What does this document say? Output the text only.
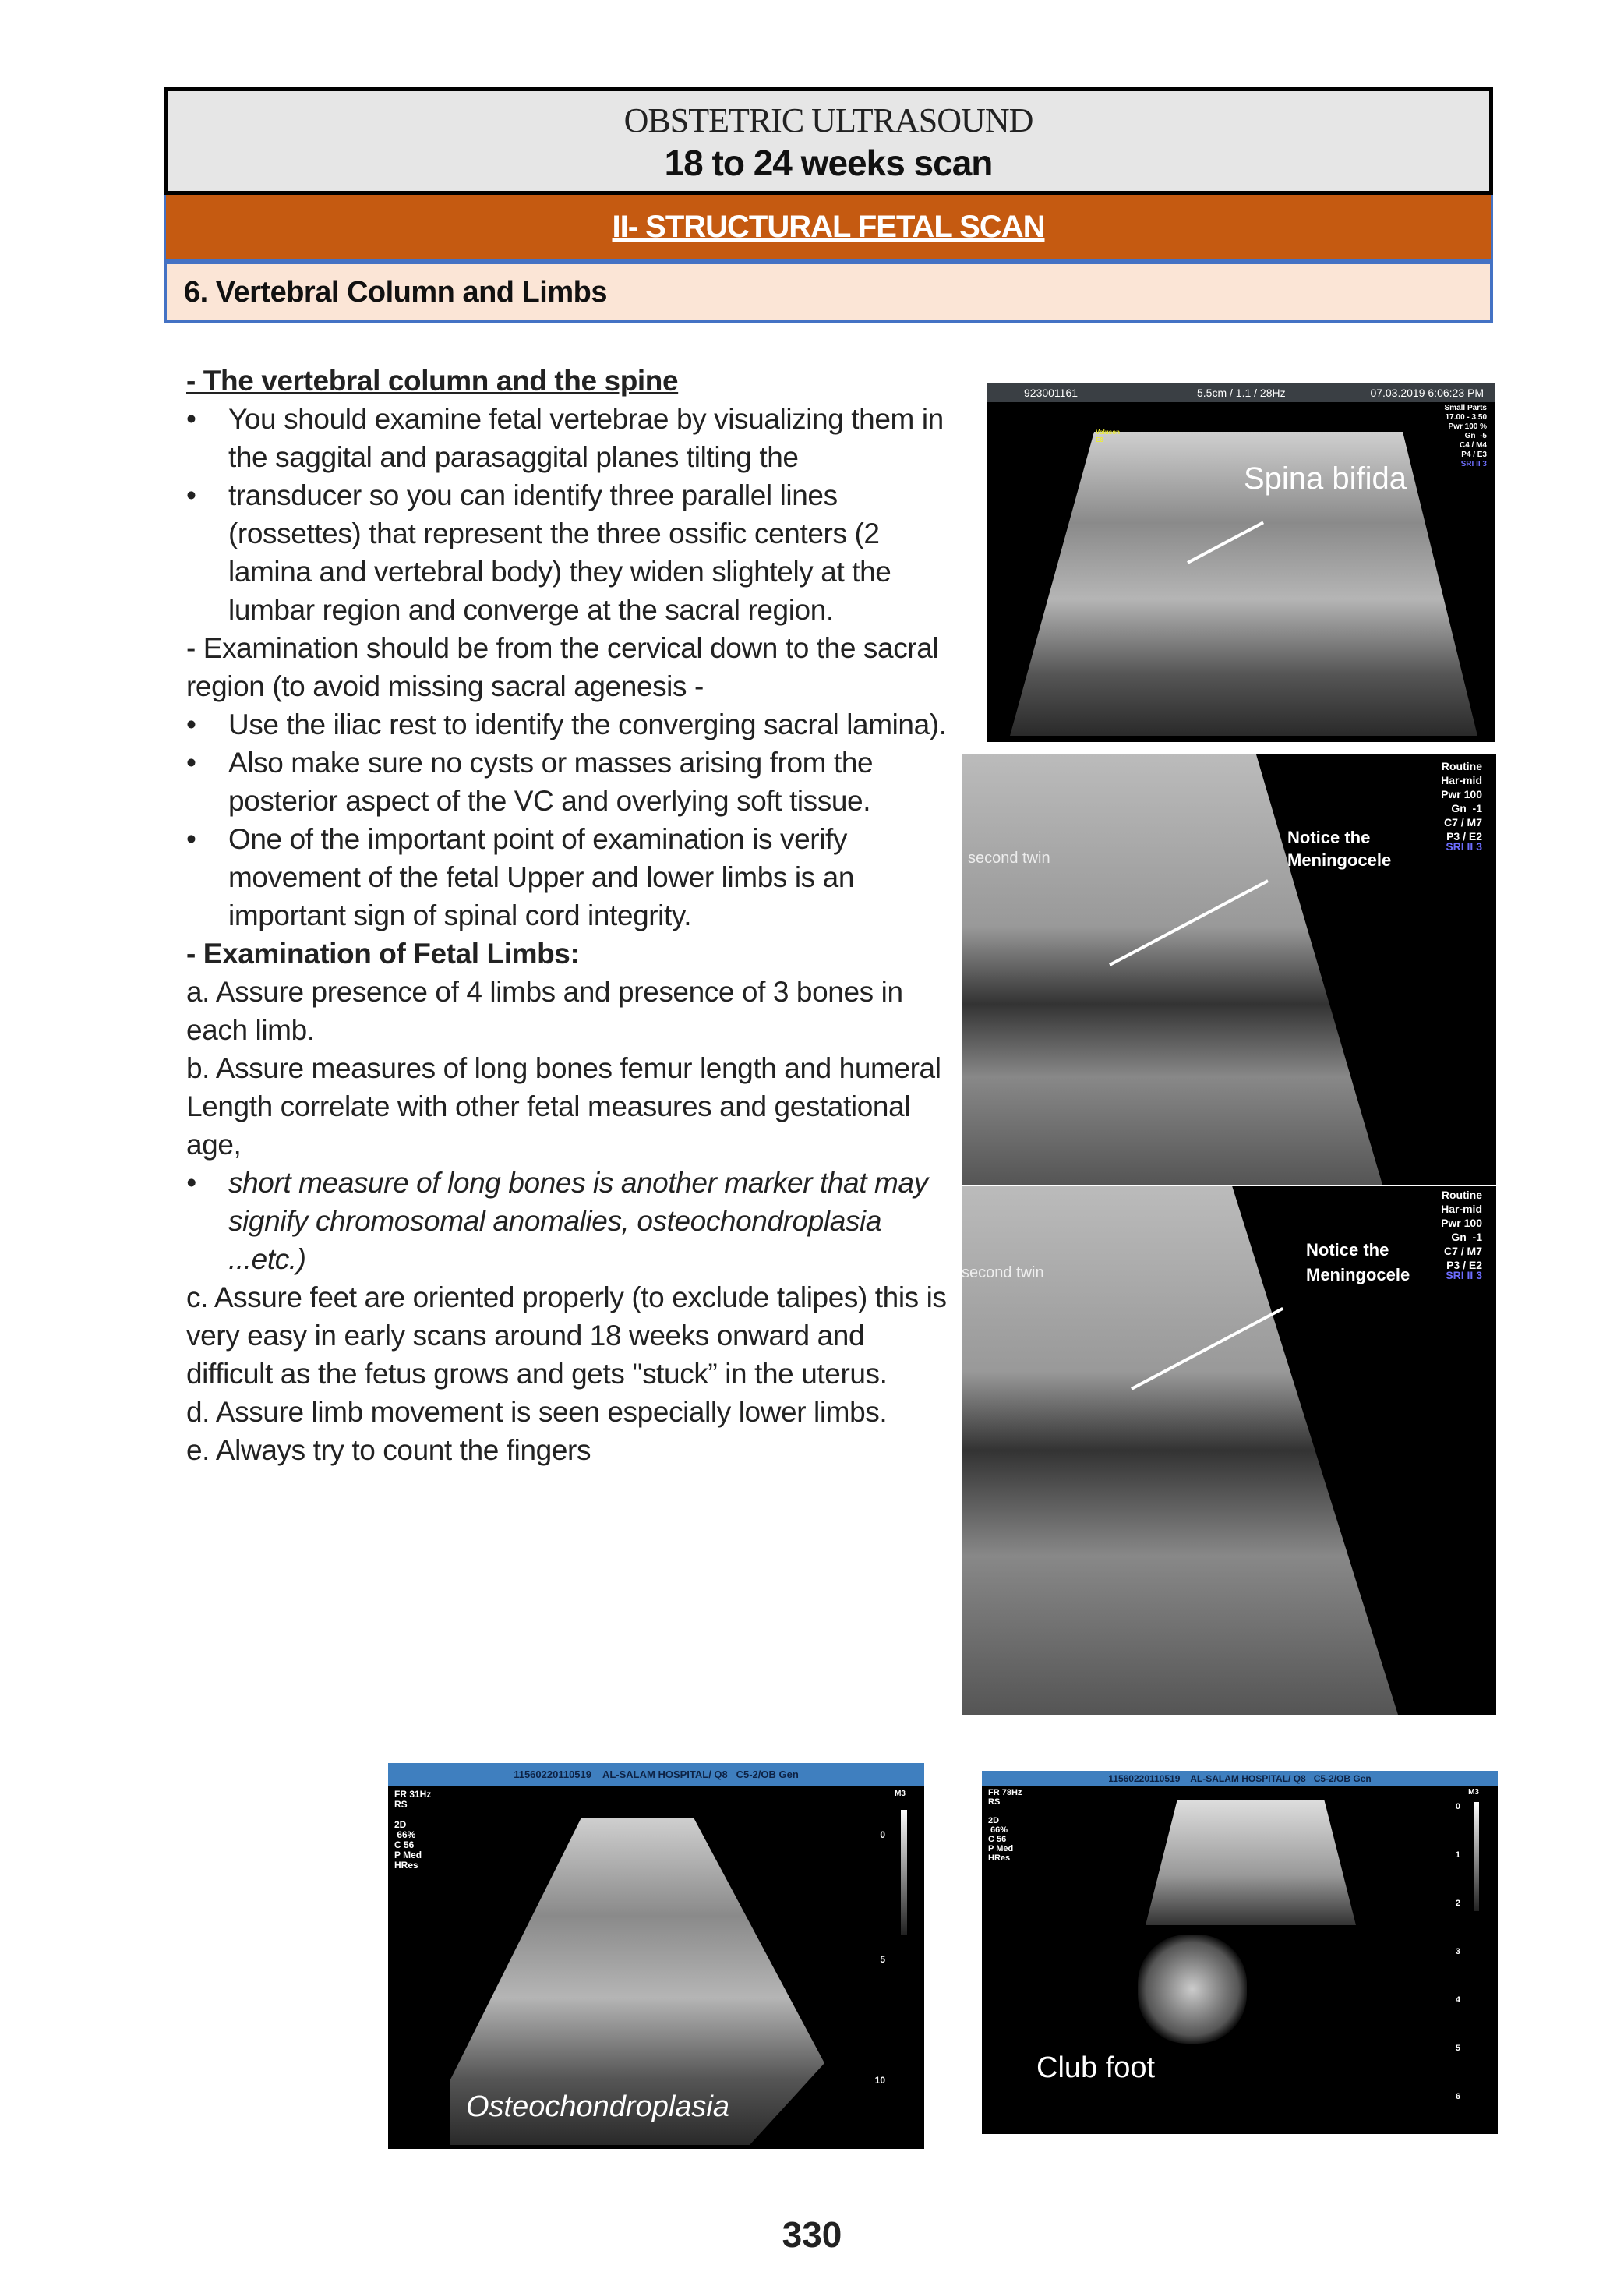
OBSTETRIC ULTRASOUND
18 to 24 weeks scan
II- STRUCTURAL FETAL SCAN
6. Vertebral Column and Limbs

- The vertebral column and the spine

• You should examine fetal vertebrae by visualizing them in the saggital and parasaggital planes tilting the

• transducer so you can identify three parallel lines (rossettes) that represent the three ossific centers (2 lamina and vertebral body) they widen slightely at the lumbar region and converge at the sacral region.

- Examination should be from the cervical down to the sacral region (to avoid missing sacral agenesis -

• Use the iliac rest to identify the converging sacral lamina).

• Also make sure no cysts or masses arising from the posterior aspect of the VC and overlying soft tissue.

• One of the important point of examination is verify movement of the fetal Upper and lower limbs is an important sign of spinal cord integrity.

- Examination of Fetal Limbs:

a. Assure presence of 4 limbs and presence of 3 bones in each limb.

b. Assure measures of long bones femur length and humeral Length correlate with other fetal measures and gestational age,

• short measure of long bones is another marker that may signify chromosomal anomalies, osteochondroplasia ...etc.)

c. Assure feet are oriented properly (to exclude talipes) this is very easy in early scans around 18 weeks onward and difficult as the fetus grows and gets "stuck” in the uterus.

d. Assure limb movement is seen especially lower limbs.

e. Always try to count the fingers

923001161	5.5cm / 1.1 / 28Hz	07.03.2019 6:06:23 PM
Voluson
E8
Small Parts
17.00 - 3.50
Pwr 100 %
Gn  -5
C4 / M4
P4 / E3
SRI II 3
Spina bifida
Routine
Har-mid
Pwr 100
Gn  -1
C7 / M7
P3 / E2
SRI II 3
second twin
Notice the
Meningocele
Routine
Har-mid
Pwr 100
Gn  -1
C7 / M7
P3 / E2
SRI II 3
second twin
Notice the
Meningocele
11560220110519    AL-SALAM HOSPITAL/ Q8   C5-2/OB Gen
FR 31Hz
RS

2D
66%
C 56
P Med
HRes
M3
0
5
10
Osteochondroplasia
11560220110519    AL-SALAM HOSPITAL/ Q8   C5-2/OB Gen
FR 78Hz
RS

2D
66%
C 56
P Med
HRes
M3
0
1
2
3
4
5
6
Club foot
330
